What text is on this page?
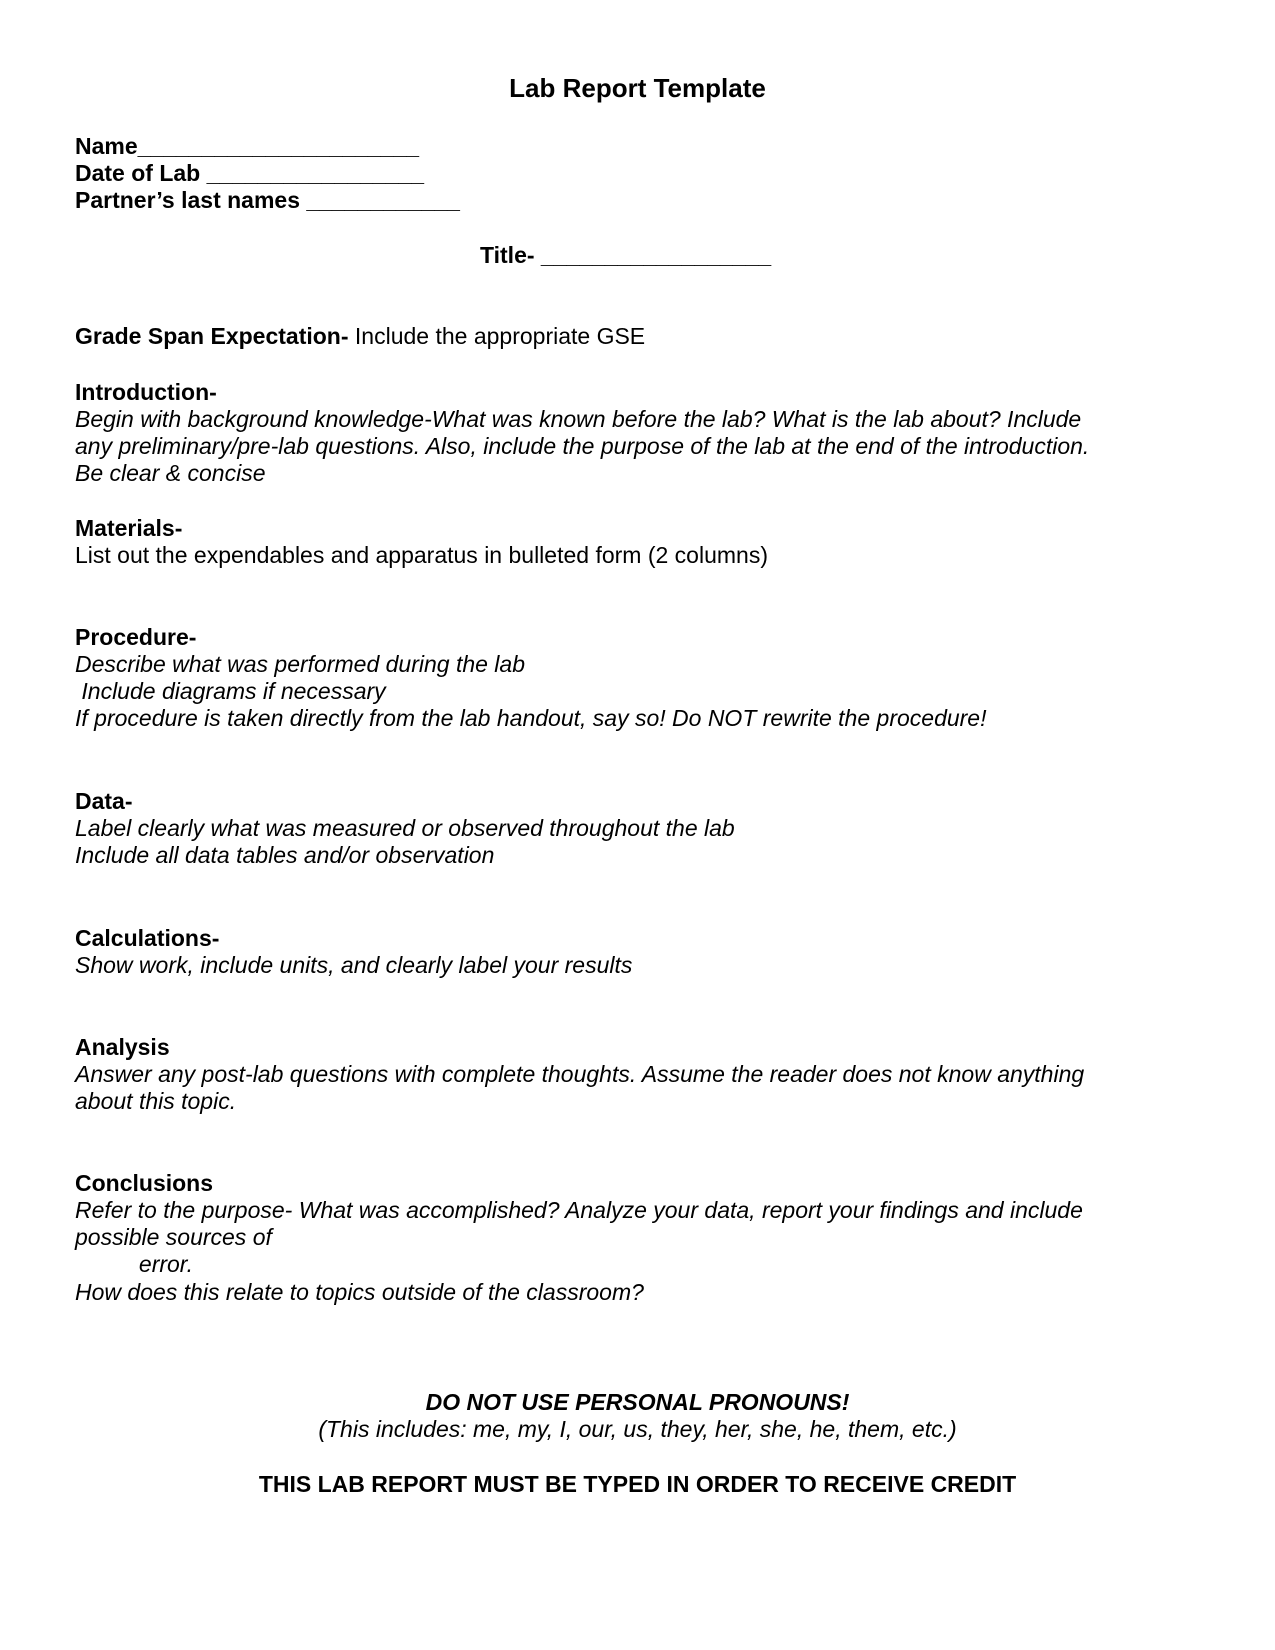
Lab Report Template
Name______________________
Date of Lab _________________
Partner’s last names ____________
Title- __________________
Grade Span Expectation- Include the appropriate GSE
Introduction-
Begin with background knowledge-What was known before the lab? What is the lab about? Include
any preliminary/pre-lab questions. Also, include the purpose of the lab at the end of the introduction.
Be clear & concise
Materials-
List out the expendables and apparatus in bulleted form (2 columns)
Procedure-
Describe what was performed during the lab
Include diagrams if necessary
If procedure is taken directly from the lab handout, say so! Do NOT rewrite the procedure!
Data-
Label clearly what was measured or observed throughout the lab
Include all data tables and/or observation
Calculations-
Show work, include units, and clearly label your results
Analysis
Answer any post-lab questions with complete thoughts. Assume the reader does not know anything
about this topic.
Conclusions
Refer to the purpose- What was accomplished? Analyze your data, report your findings and include
possible sources of
error.
How does this relate to topics outside of the classroom?
DO NOT USE PERSONAL PRONOUNS!
(This includes: me, my, I, our, us, they, her, she, he, them, etc.)
THIS LAB REPORT MUST BE TYPED IN ORDER TO RECEIVE CREDIT
